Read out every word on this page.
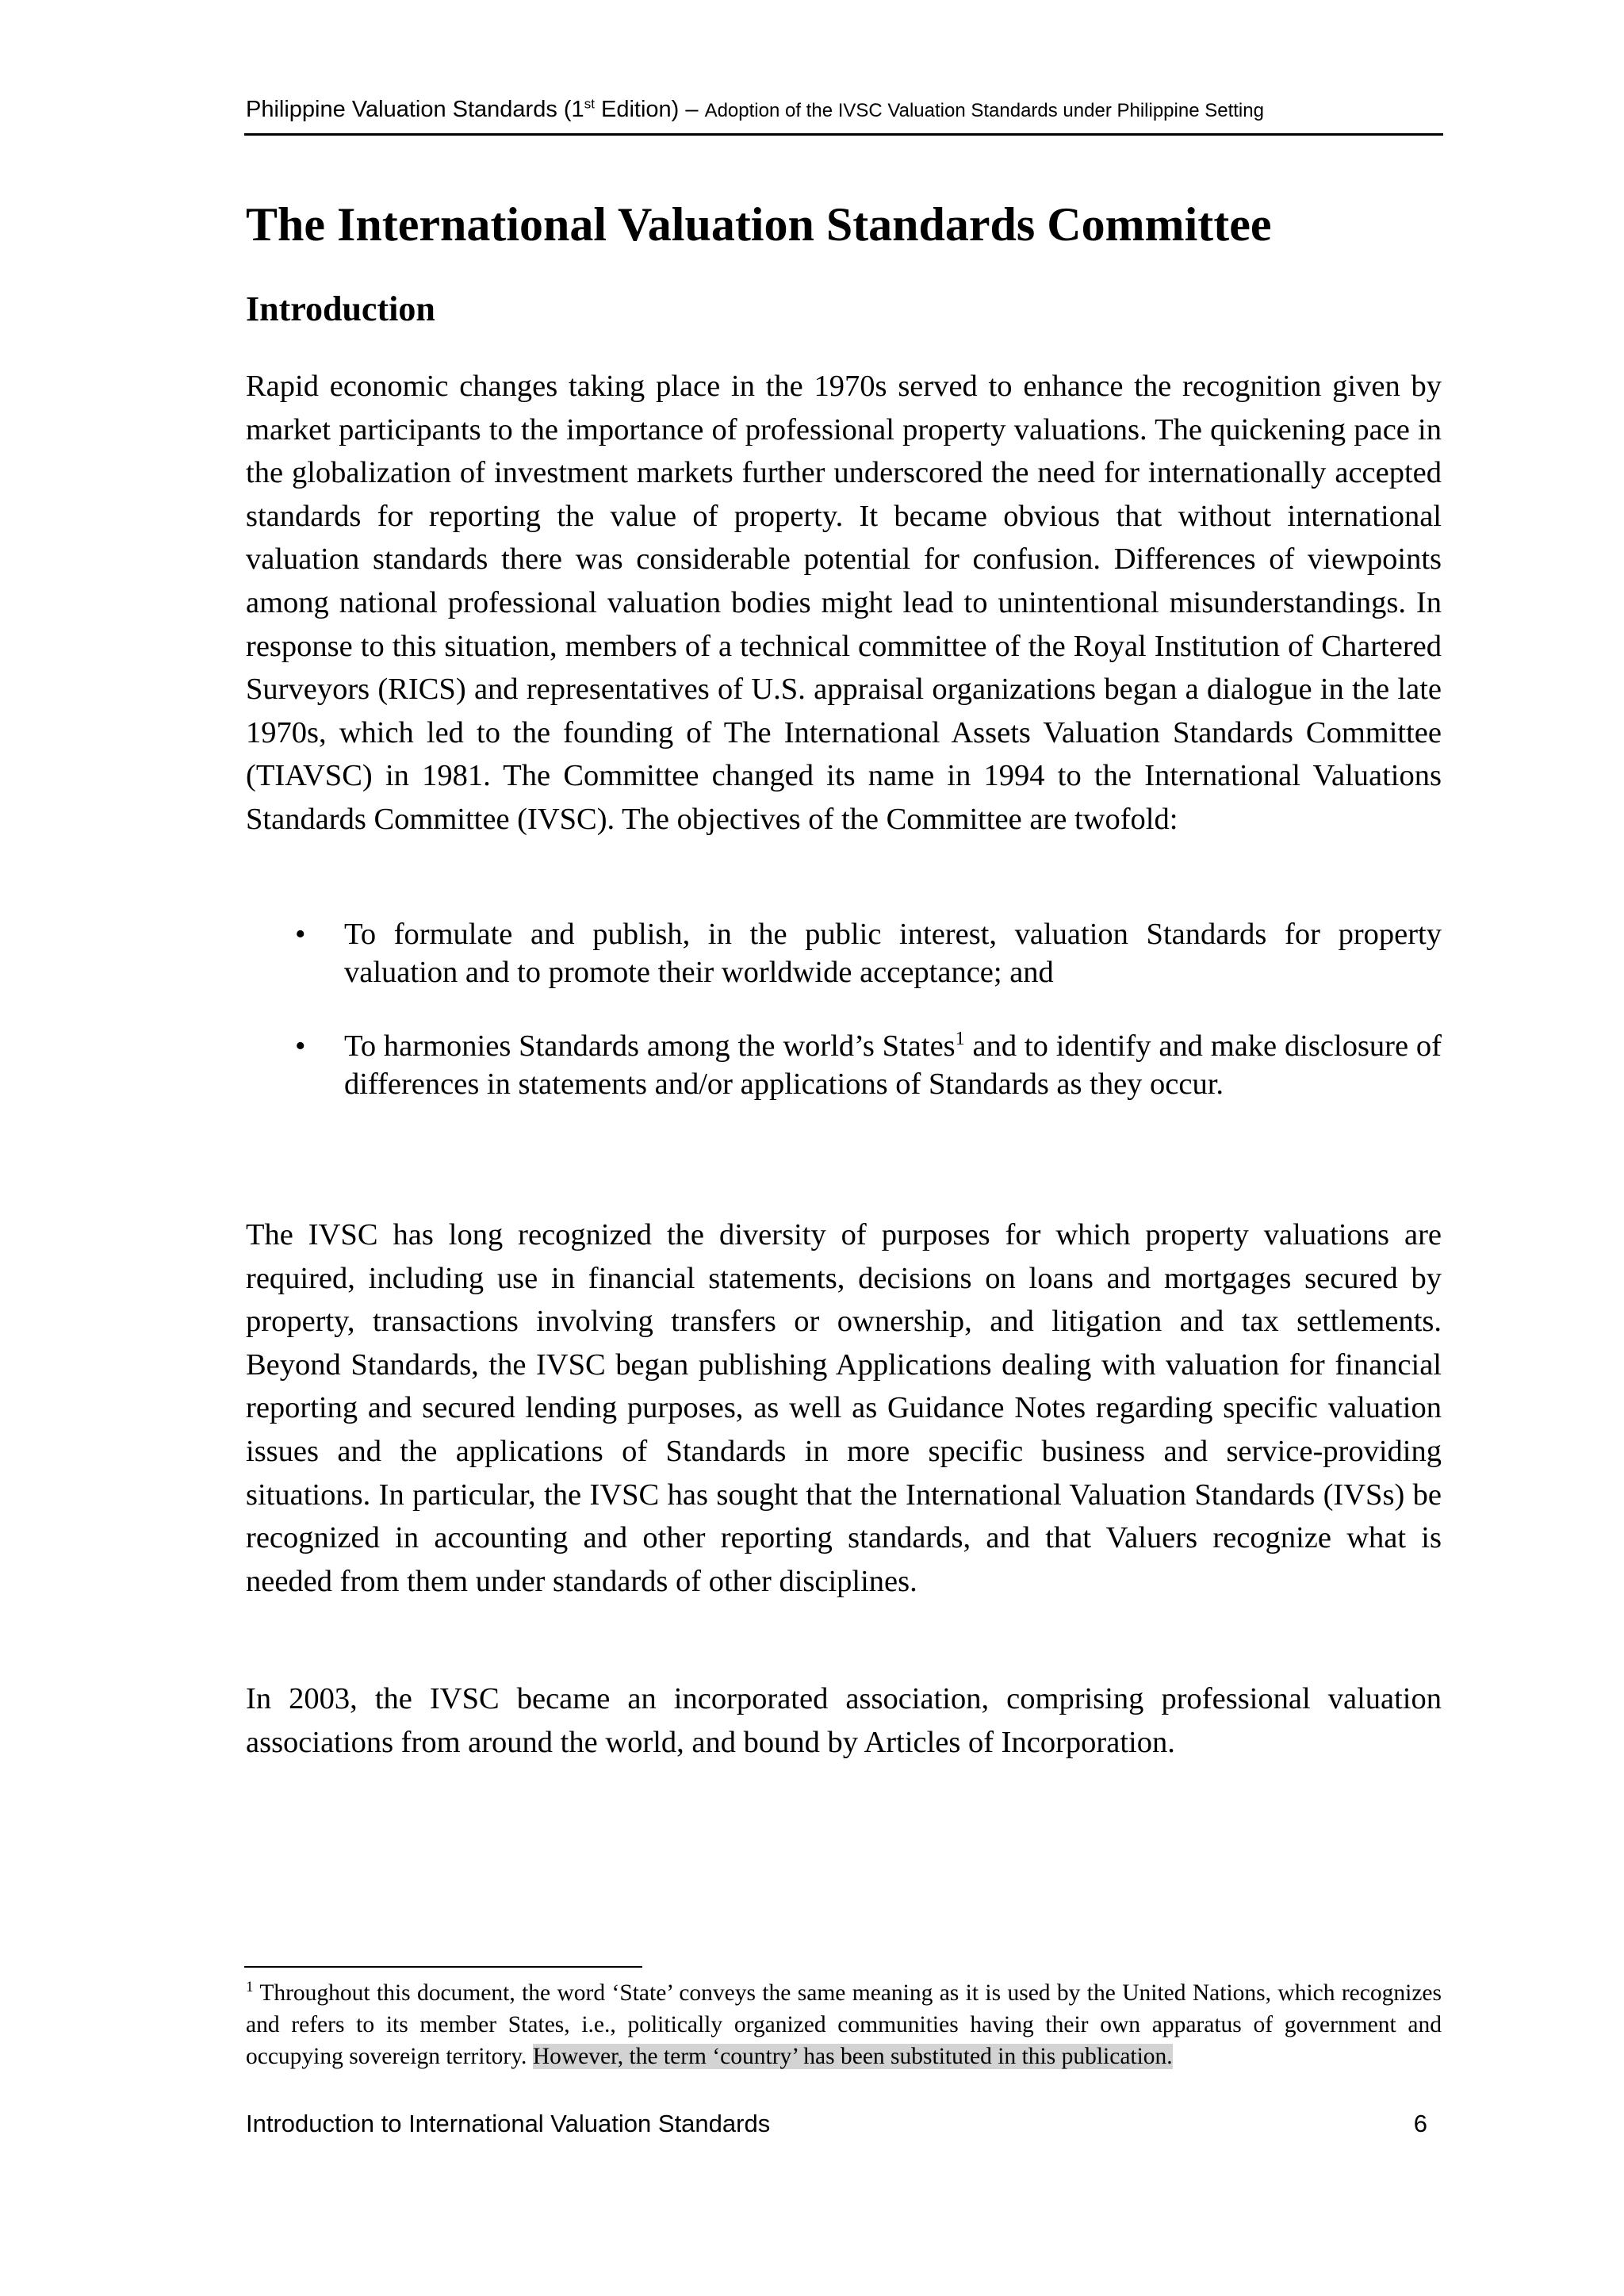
Philippine Valuation Standards (1st Edition) – Adoption of the IVSC Valuation Standards under Philippine Setting
The International Valuation Standards Committee
Introduction

Rapid economic changes taking place in the 1970s served to enhance the recognition given by market participants to the importance of professional property valuations. The quickening pace in the globalization of investment markets further underscored the need for internationally accepted standards for reporting the value of property. It became obvious that without international valuation standards there was considerable potential for confusion. Differences of viewpoints among national professional valuation bodies might lead to unintentional misunderstandings. In response to this situation, members of a technical committee of the Royal Institution of Chartered Surveyors (RICS) and representatives of U.S. appraisal organizations began a dialogue in the late 1970s, which led to the founding of The International Assets Valuation Standards Committee (TIAVSC) in 1981. The Committee changed its name in 1994 to the International Valuations Standards Committee (IVSC). The objectives of the Committee are twofold:

• To formulate and publish, in the public interest, valuation Standards for property valuation and to promote their worldwide acceptance; and
• To harmonies Standards among the world’s States$^1$ and to identify and make disclosure of differences in statements and/or applications of Standards as they occur.

The IVSC has long recognized the diversity of purposes for which property valuations are required, including use in financial statements, decisions on loans and mortgages secured by property, transactions involving transfers or ownership, and litigation and tax settlements. Beyond Standards, the IVSC began publishing Applications dealing with valuation for financial reporting and secured lending purposes, as well as Guidance Notes regarding specific valuation issues and the applications of Standards in more specific business and service-providing situations. In particular, the IVSC has sought that the International Valuation Standards (IVSs) be recognized in accounting and other reporting standards, and that Valuers recognize what is needed from them under standards of other disciplines.

In 2003, the IVSC became an incorporated association, comprising professional valuation associations from around the world, and bound by Articles of Incorporation.

$^1$ Throughout this document, the word ‘State’ conveys the same meaning as it is used by the United Nations, which recognizes and refers to its member States, i.e., politically organized communities having their own apparatus of government and occupying sovereign territory. However, the term ‘country’ has been substituted in this publication.

Introduction to International Valuation Standards	6
